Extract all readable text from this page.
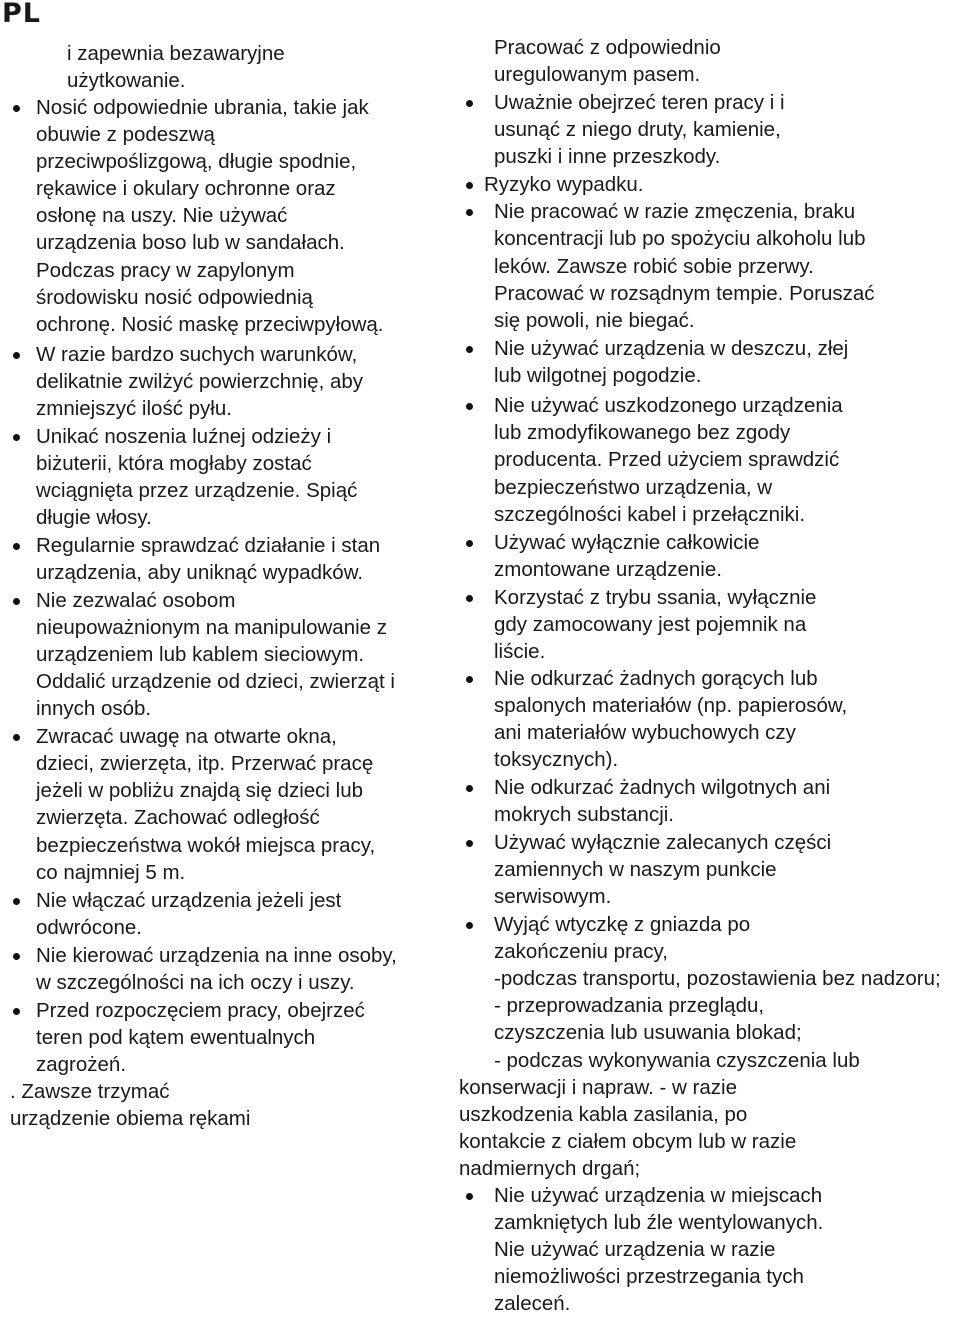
PL
i zapewnia bezawaryjne
użytkowanie.
Nosić odpowiednie ubrania, takie jak
obuwie z podeszwą
przeciwpoślizgową, długie spodnie,
rękawice i okulary ochronne oraz
osłonę na uszy. Nie używać
urządzenia boso lub w sandałach.
Podczas pracy w zapylonym
środowisku nosić odpowiednią
ochronę. Nosić maskę przeciwpyłową.
W razie bardzo suchych warunków,
delikatnie zwilżyć powierzchnię, aby
zmniejszyć ilość pyłu.
Unikać noszenia luźnej odzieży i
biżuterii, która mogłaby zostać
wciągnięta przez urządzenie. Spiąć
długie włosy.
Regularnie sprawdzać działanie i stan
urządzenia, aby uniknąć wypadków.
Nie zezwalać osobom
nieupoważnionym na manipulowanie z
urządzeniem lub kablem sieciowym.
Oddalić urządzenie od dzieci, zwierząt i
innych osób.
Zwracać uwagę na otwarte okna,
dzieci, zwierzęta, itp. Przerwać pracę
jeżeli w pobliżu znajdą się dzieci lub
zwierzęta. Zachować odległość
bezpieczeństwa wokół miejsca pracy,
co najmniej 5 m.
Nie włączać urządzenia jeżeli jest
odwrócone.
Nie kierować urządzenia na inne osoby,
w szczególności na ich oczy i uszy.
Przed rozpoczęciem pracy, obejrzeć
teren pod kątem ewentualnych
zagrożeń.
. Zawsze trzymać
urządzenie obiema rękami
Pracować z odpowiednio
uregulowanym pasem.
Uważnie obejrzeć teren pracy i i
usunąć z niego druty, kamienie,
puszki i inne przeszkody.
Ryzyko wypadku.
Nie pracować w razie zmęczenia, braku
koncentracji lub po spożyciu alkoholu lub
leków. Zawsze robić sobie przerwy.
Pracować w rozsądnym tempie. Poruszać
się powoli, nie biegać.
Nie używać urządzenia w deszczu, złej
lub wilgotnej pogodzie.
Nie używać uszkodzonego urządzenia
lub zmodyfikowanego bez zgody
producenta. Przed użyciem sprawdzić
bezpieczeństwo urządzenia, w
szczególności kabel i przełączniki.
Używać wyłącznie całkowicie
zmontowane urządzenie.
Korzystać z trybu ssania, wyłącznie
gdy zamocowany jest pojemnik na
liście.
Nie odkurzać żadnych gorących lub
spalonych materiałów (np. papierosów,
ani materiałów wybuchowych czy
toksycznych).
Nie odkurzać żadnych wilgotnych ani
mokrych substancji.
Używać wyłącznie zalecanych części
zamiennych w naszym punkcie
serwisowym.
Wyjąć wtyczkę z gniazda po
zakończeniu pracy,
-podczas transportu, pozostawienia bez nadzoru;
- przeprowadzania przeglądu,
czyszczenia lub usuwania blokad;
- podczas wykonywania czyszczenia lub
konserwacji i napraw. - w razie
uszkodzenia kabla zasilania, po
kontakcie z ciałem obcym lub w razie
nadmiernych drgań;
Nie używać urządzenia w miejscach
zamkniętych lub źle wentylowanych.
Nie używać urządzenia w razie
niemożliwości przestrzegania tych
zaleceń.
